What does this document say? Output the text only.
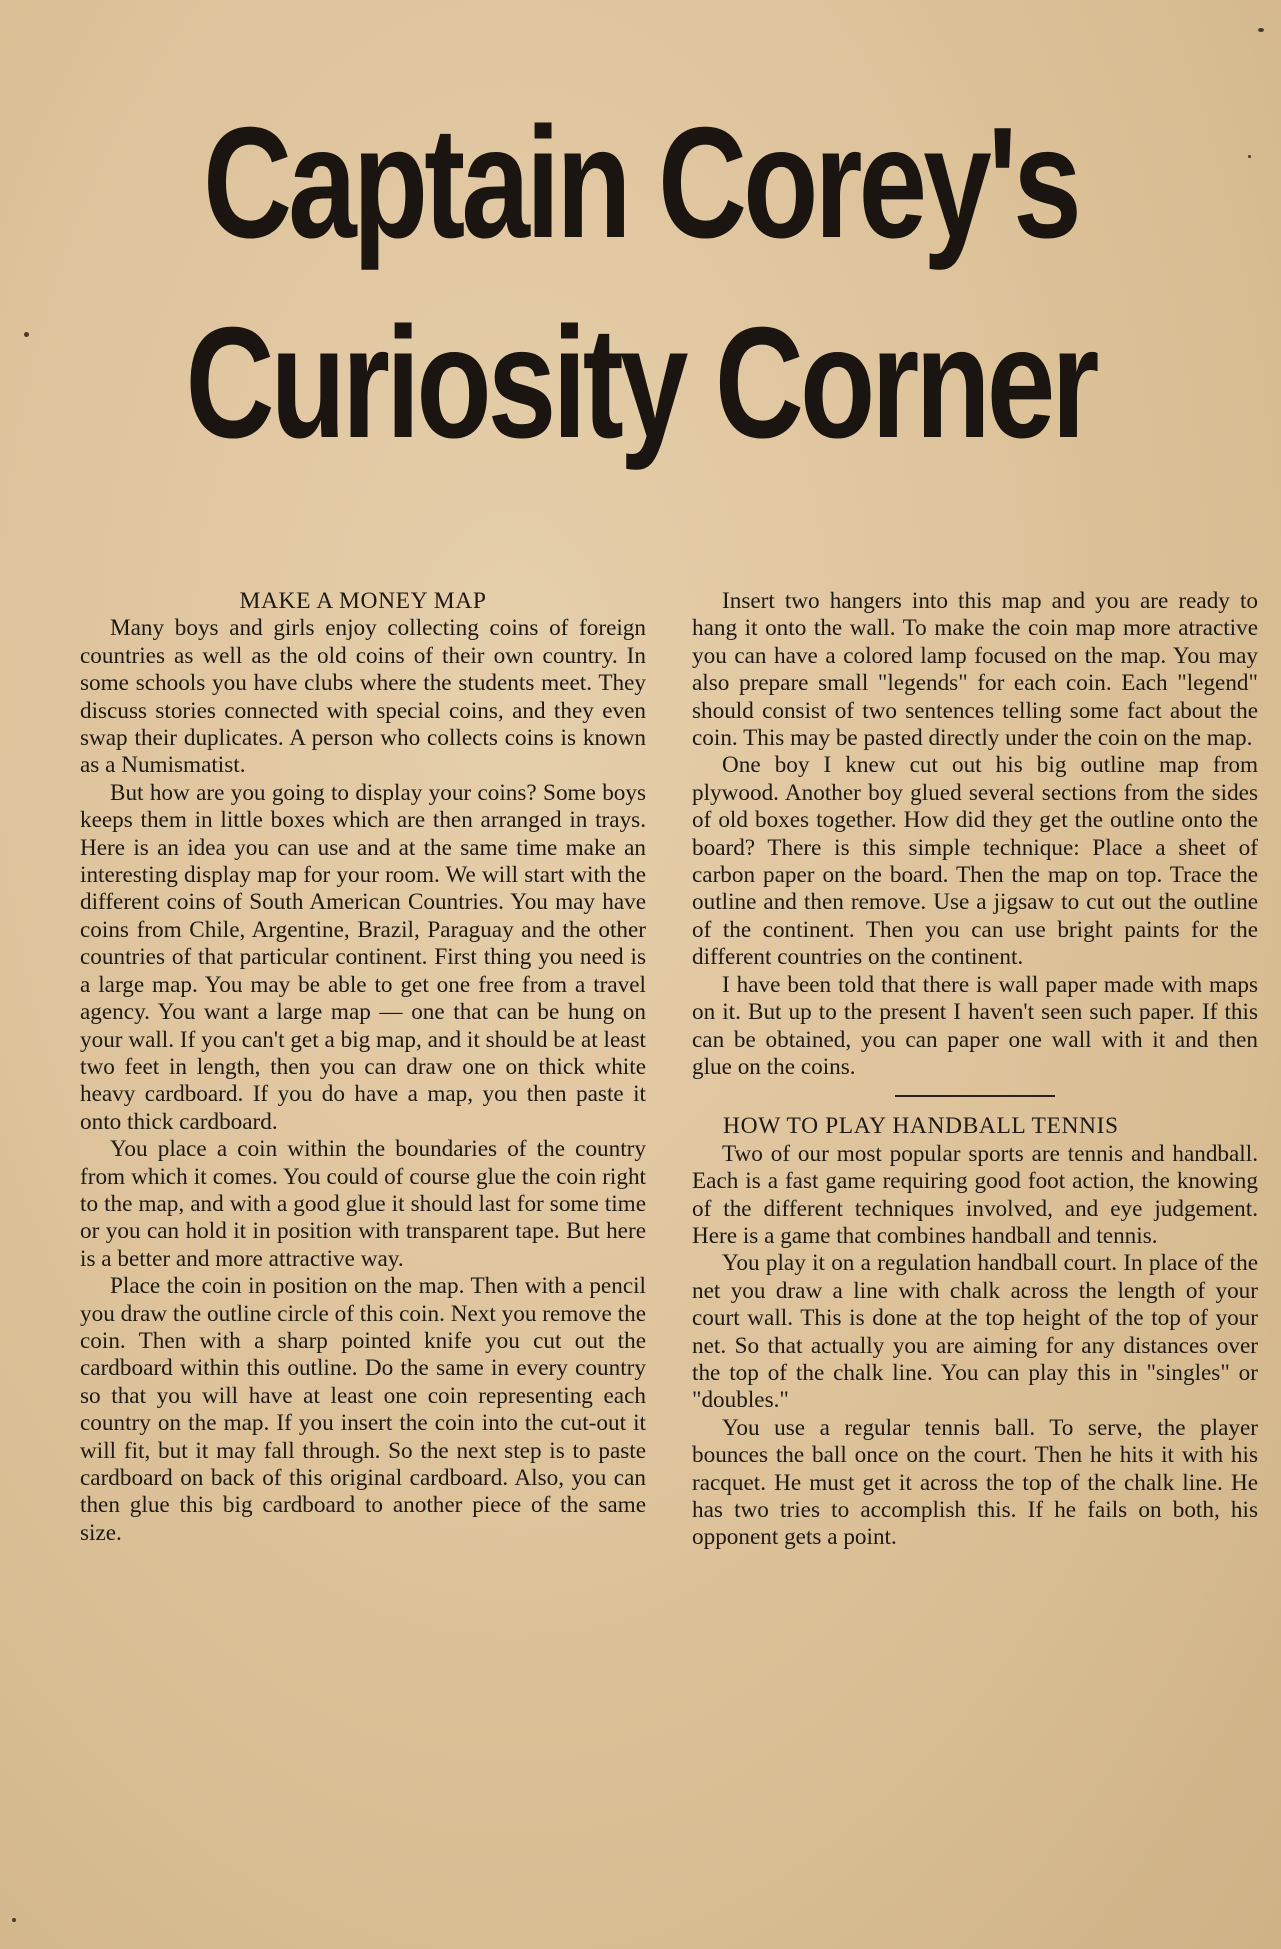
Captain Corey's
Curiosity Corner
MAKE A MONEY MAP

Many boys and girls enjoy collecting coins of foreign countries as well as the old coins of their own country. In some schools you have clubs where the students meet. They discuss stories connected with special coins, and they even swap their duplicates. A person who collects coins is known as a Numismatist.

But how are you going to display your coins? Some boys keeps them in little boxes which are then arranged in trays. Here is an idea you can use and at the same time make an interesting display map for your room. We will start with the different coins of South American Countries. You may have coins from Chile, Argentine, Brazil, Paraguay and the other countries of that particular continent. First thing you need is a large map. You may be able to get one free from a travel agency. You want a large map — one that can be hung on your wall. If you can't get a big map, and it should be at least two feet in length, then you can draw one on thick white heavy cardboard. If you do have a map, you then paste it onto thick cardboard.

You place a coin within the boundaries of the country from which it comes. You could of course glue the coin right to the map, and with a good glue it should last for some time or you can hold it in position with transparent tape. But here is a better and more attractive way.

Place the coin in position on the map. Then with a pencil you draw the outline circle of this coin. Next you remove the coin. Then with a sharp pointed knife you cut out the cardboard within this outline. Do the same in every country so that you will have at least one coin representing each country on the map. If you insert the coin into the cut-out it will fit, but it may fall through. So the next step is to paste cardboard on back of this original cardboard. Also, you can then glue this big cardboard to another piece of the same size.

Insert two hangers into this map and you are ready to hang it onto the wall. To make the coin map more atractive you can have a colored lamp focused on the map. You may also prepare small "legends" for each coin. Each "legend" should consist of two sentences telling some fact about the coin. This may be pasted directly under the coin on the map.

One boy I knew cut out his big outline map from plywood. Another boy glued several sections from the sides of old boxes together. How did they get the outline onto the board? There is this simple technique: Place a sheet of carbon paper on the board. Then the map on top. Trace the outline and then remove. Use a jigsaw to cut out the outline of the continent. Then you can use bright paints for the different countries on the continent.

I have been told that there is wall paper made with maps on it. But up to the present I haven't seen such paper. If this can be obtained, you can paper one wall with it and then glue on the coins.

HOW TO PLAY HANDBALL TENNIS

Two of our most popular sports are tennis and handball. Each is a fast game requiring good foot action, the knowing of the different techniques involved, and eye judgement. Here is a game that combines handball and tennis.

You play it on a regulation handball court. In place of the net you draw a line with chalk across the length of your court wall. This is done at the top height of the top of your net. So that actually you are aiming for any distances over the top of the chalk line. You can play this in "singles" or "doubles."

You use a regular tennis ball. To serve, the player bounces the ball once on the court. Then he hits it with his racquet. He must get it across the top of the chalk line. He has two tries to accomplish this. If he fails on both, his opponent gets a point.
